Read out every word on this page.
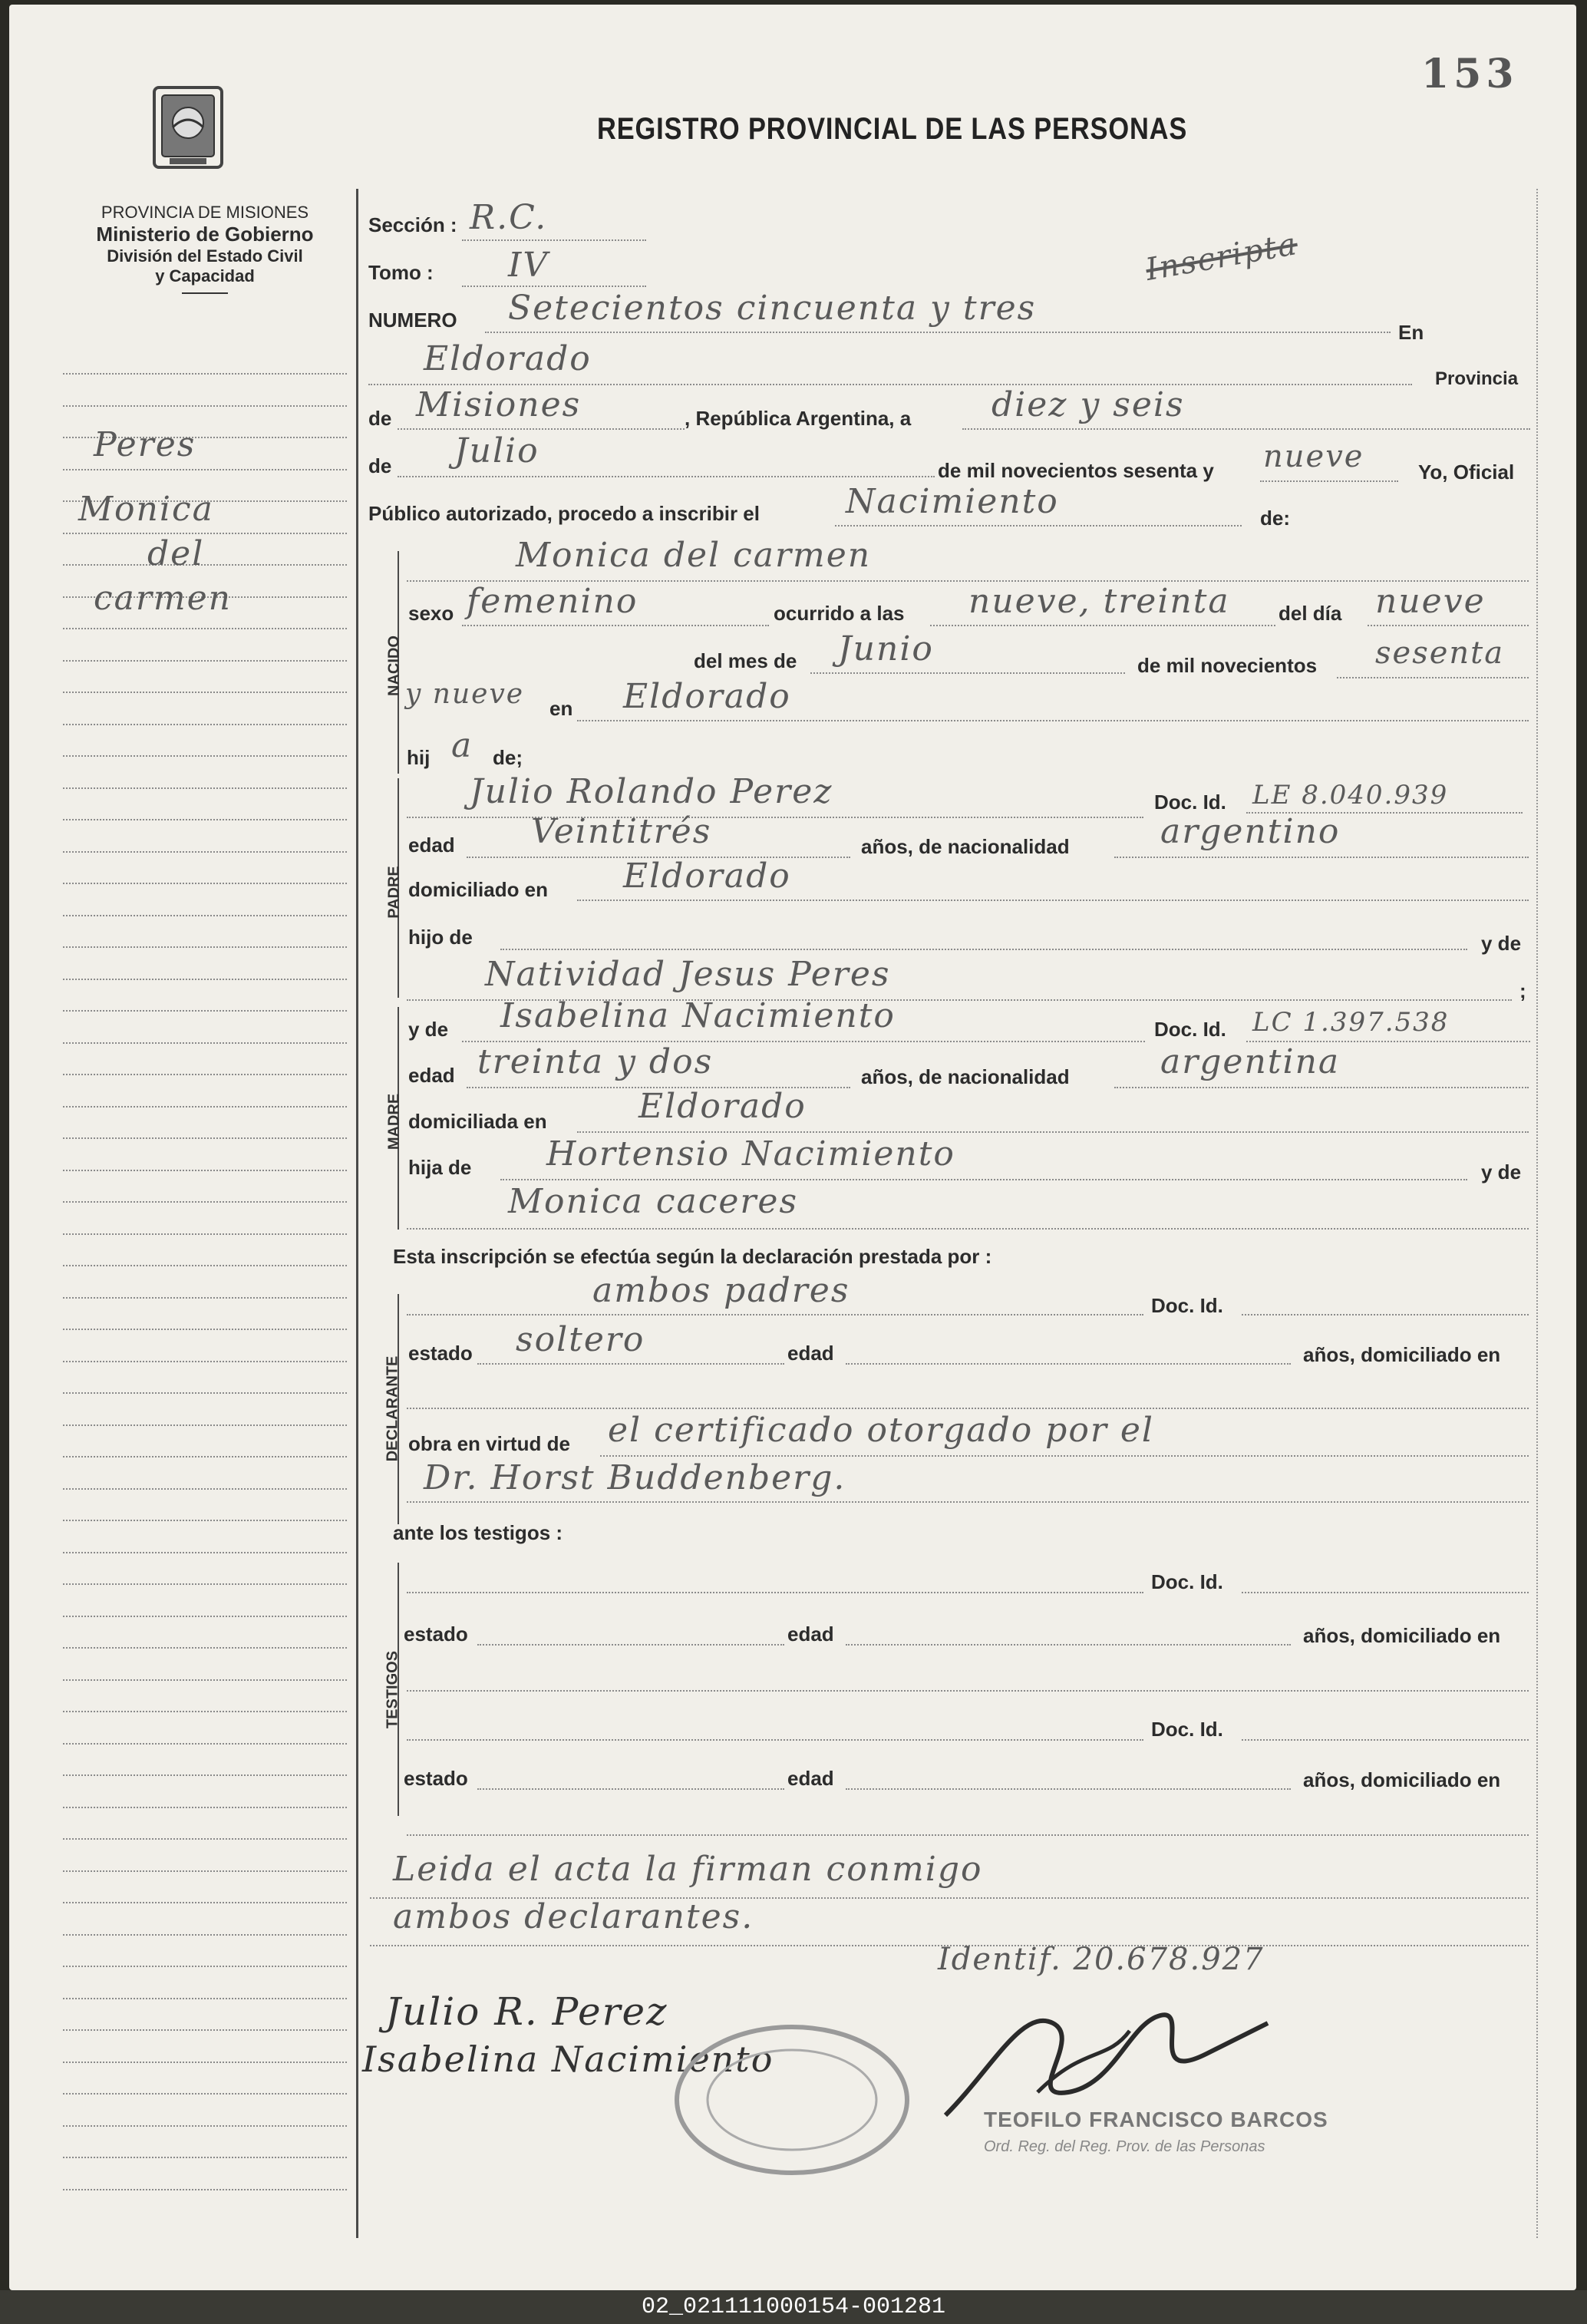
153
REGISTRO PROVINCIAL DE LAS PERSONAS
PROVINCIA DE MISIONES
Ministerio de Gobierno
División del Estado Civil
y Capacidad
Peres
Monica
del
carmen
Sección : R.C.
Tomo : IV	Inscripta
NUMERO Setecientos cincuenta y tres
En
Eldorado
Provincia
de Misiones	, República Argentina, a diez y seis
de Julio	de mil novecientos sesenta y nueve	Yo, Oficial
Público autorizado, procedo a inscribir el	Nacimiento	de:
NACIDO
Monica del carmen
sexo femenino	ocurrido a las nueve, treinta del día nueve
del mes de Junio	de mil novecientos sesenta
y nueve en Eldorado
hij a de;
PADRE
Julio Rolando Perez	Doc. Id. LE 8.040.939
edad Veintitrés	años, de nacionalidad	argentino
domiciliado en Eldorado
hijo de	y de
Natividad Jesus Peres	;
MADRE
y de Isabelina Nacimiento	Doc. Id. LC 1.397.538
edad treinta y dos	años, de nacionalidad	argentina
domiciliada en	Eldorado
hija de Hortensio Nacimiento	y de
Monica caceres
Esta inscripción se efectúa según la declaración prestada por :
DECLARANTE
ambos padres	Doc. Id.
estado soltero	edad	años, domiciliado en
obra en virtud de el certificado otorgado por el
Dr. Horst Buddenberg.
ante los testigos :
TESTIGOS
Doc. Id.
estado	edad	años, domiciliado en
Doc. Id.
estado	edad	años, domiciliado en
Leida el acta la firman conmigo
ambos declarantes.
Identif. 20.678.927
Julio R. Perez
Isabelina Nacimiento
TEOFILO FRANCISCO BARCOS
Ord. Reg. del Reg. Prov. de las Personas
02_021111000154-001281
